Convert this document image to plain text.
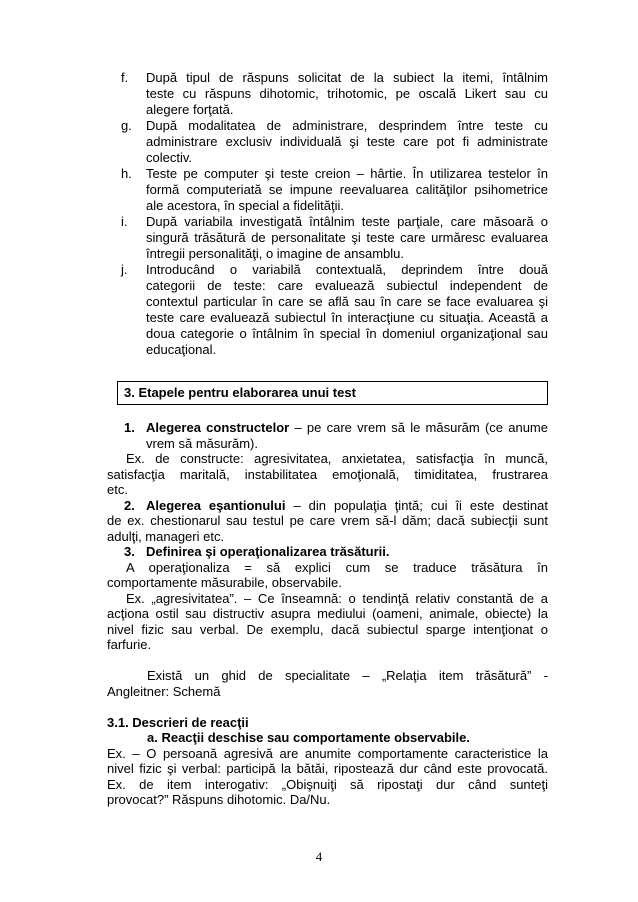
f. După tipul de răspuns solicitat de la subiect la itemi, întâlnim
teste cu răspuns dihotomic, trihotomic, pe oscală Likert sau cu
alegere forţată.
g. După modalitatea de administrare, desprindem între teste cu
administrare exclusiv individuală şi teste care pot fi administrate
colectiv.
h. Teste pe computer şi teste creion – hârtie. În utilizarea testelor în
formă computeriată se impune reevaluarea calităţilor psihometrice
ale acestora, în special a fidelităţii.
i. După variabila investigată întâlnim teste parţiale, care măsoară o
singură trăsătură de personalitate şi teste care urmăresc evaluarea
întregii personalităţi, o imagine de ansamblu.
j. Introducând o variabilă contextuală, deprindem între două
categorii de teste: care evaluează subiectul independent de
contextul particular în care se află sau în care se face evaluarea şi
teste care evaluează subiectul în interacţiune cu situaţia. Această a
doua categorie o întâlnim în special în domeniul organizaţional sau
educaţional.
3. Etapele pentru elaborarea unui test
1. Alegerea constructelor – pe care vrem să le măsurăm (ce anume
vrem să măsurăm).
Ex. de constructe: agresivitatea, anxietatea, satisfacţia în muncă,
satisfacţia maritală, instabilitatea emoţională, timiditatea, frustrarea
etc.
2. Alegerea eşantionului – din populaţia ţintă; cui îi este destinat
de ex. chestionarul sau testul pe care vrem să-l dăm; dacă subiecţii sunt
adulţi, manageri etc.
3. Definirea şi operaţionalizarea trăsăturii.
A operaţionaliza = să explici cum se traduce trăsătura în
comportamente măsurabile, observabile.
Ex. „agresivitatea”. – Ce înseamnă: o tendinţă relativ constantă de a
acţiona ostil sau distructiv asupra mediului (oameni, animale, obiecte) la
nivel fizic sau verbal. De exemplu, dacă subiectul sparge intenţionat o
farfurie.
Există un ghid de specialitate – „Relaţia item trăsătură” -
Angleitner: Schemă
3.1. Descrieri de reacţii
a. Reacţii deschise sau comportamente observabile.
Ex. – O persoană agresivă are anumite comportamente caracteristice la
nivel fizic şi verbal: participă la bătăi, ripostează dur când este provocată.
Ex. de item interogativ: „Obişnuiţi să ripostaţi dur când sunteţi
provocat?” Răspuns dihotomic. Da/Nu.
4
